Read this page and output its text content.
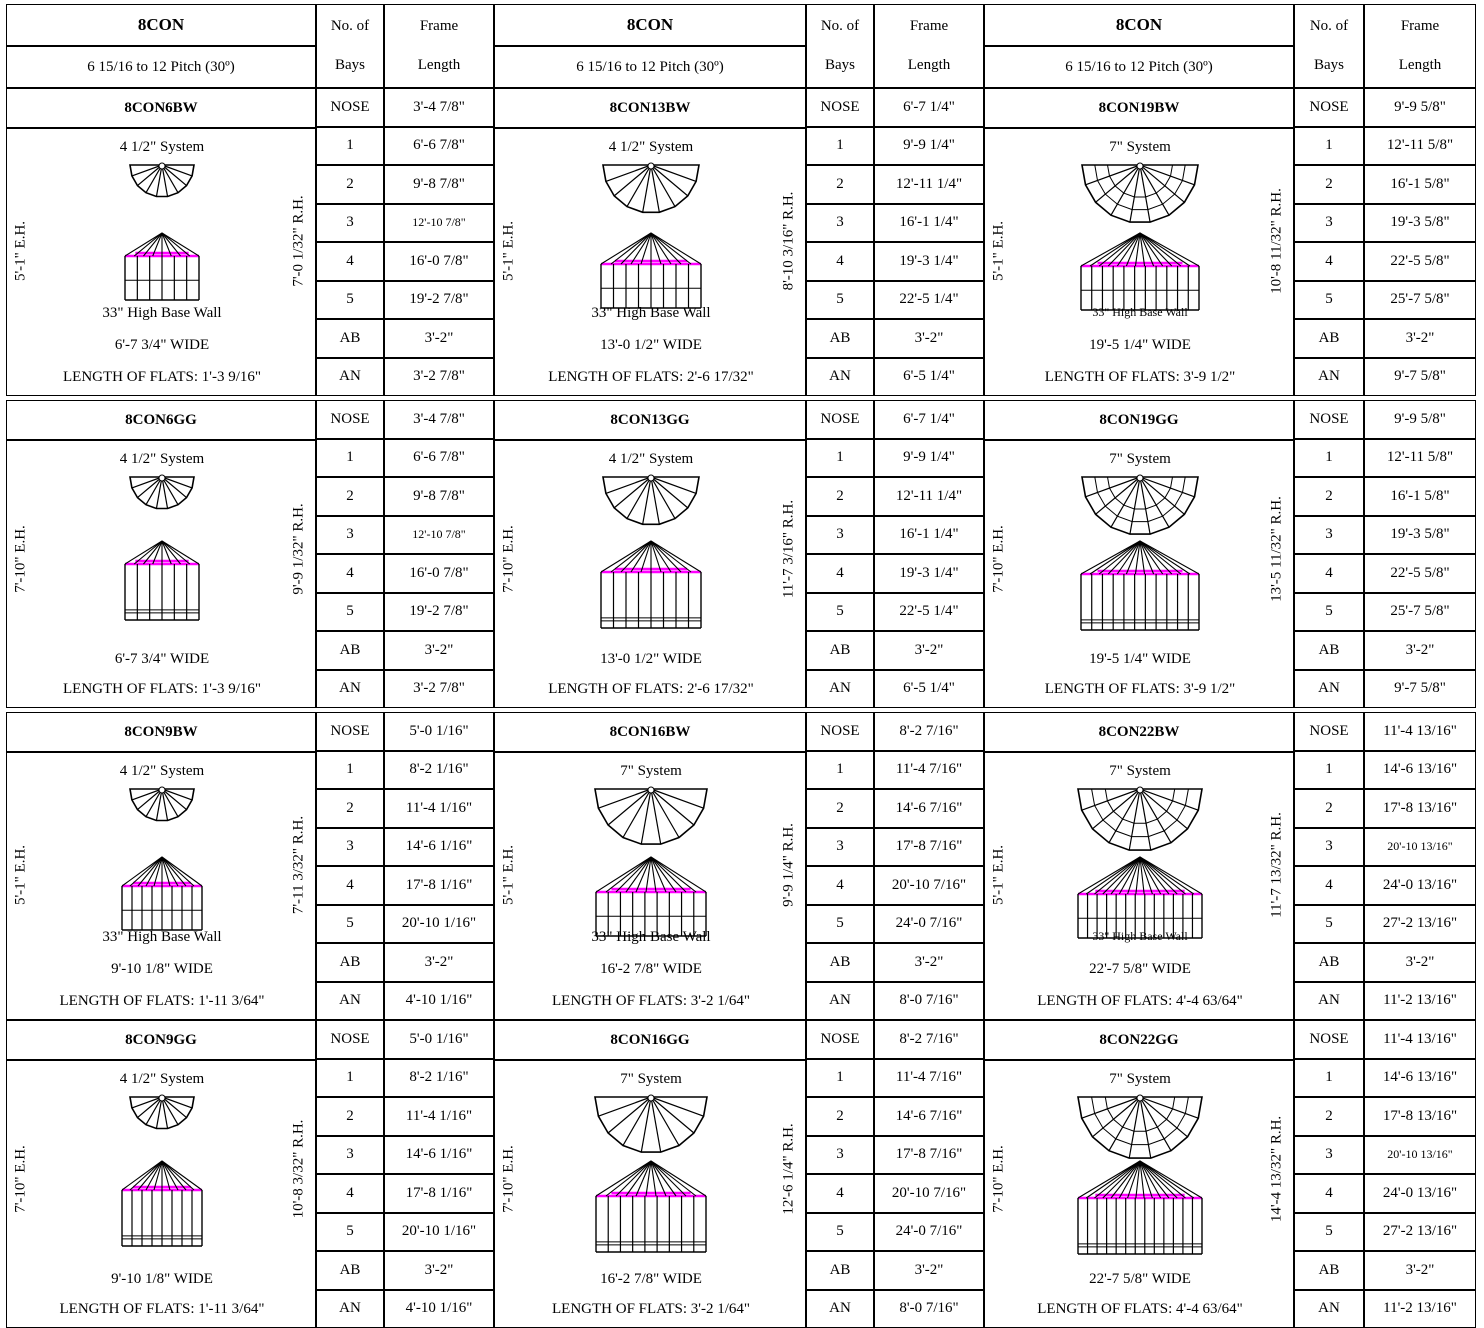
8CON
6 15/16 to 12 Pitch (30º)
No. of
Bays
Frame
Length
8CON6BW
4 1/2" System
5'-1" E.H.	7'-0 1/32" R.H.
33" High Base Wall
6'-7 3/4" WIDE
LENGTH OF FLATS: 1'-3 9/16"
NOSE	3'-4 7/8"
1	6'-6 7/8"
2	9'-8 7/8"
3	12'-10 7/8"
4	16'-0 7/8"
5	19'-2 7/8"
AB	3'-2"
AN	3'-2 7/8"
8CON6GG
4 1/2" System
7'-10" E.H.	9'-9 1/32" R.H.
6'-7 3/4" WIDE
LENGTH OF FLATS: 1'-3 9/16"
NOSE	3'-4 7/8"
1	6'-6 7/8"
2	9'-8 7/8"
3	12'-10 7/8"
4	16'-0 7/8"
5	19'-2 7/8"
AB	3'-2"
AN	3'-2 7/8"
8CON9BW
4 1/2" System
5'-1" E.H.	7'-11 3/32" R.H.
33" High Base Wall
9'-10 1/8" WIDE
LENGTH OF FLATS: 1'-11 3/64"
NOSE	5'-0 1/16"
1	8'-2 1/16"
2	11'-4 1/16"
3	14'-6 1/16"
4	17'-8 1/16"
5	20'-10 1/16"
AB	3'-2"
AN	4'-10 1/16"
8CON9GG
4 1/2" System
7'-10" E.H.	10'-8 3/32" R.H.
9'-10 1/8" WIDE
LENGTH OF FLATS: 1'-11 3/64"
NOSE	5'-0 1/16"
1	8'-2 1/16"
2	11'-4 1/16"
3	14'-6 1/16"
4	17'-8 1/16"
5	20'-10 1/16"
AB	3'-2"
AN	4'-10 1/16"
8CON
6 15/16 to 12 Pitch (30º)
No. of
Bays
Frame
Length
8CON13BW
4 1/2" System
5'-1" E.H.	8'-10 3/16" R.H.
33" High Base Wall
13'-0 1/2" WIDE
LENGTH OF FLATS: 2'-6 17/32"
NOSE	6'-7 1/4"
1	9'-9 1/4"
2	12'-11 1/4"
3	16'-1 1/4"
4	19'-3 1/4"
5	22'-5 1/4"
AB	3'-2"
AN	6'-5 1/4"
8CON13GG
4 1/2" System
7'-10" E.H.	11'-7 3/16" R.H.
13'-0 1/2" WIDE
LENGTH OF FLATS: 2'-6 17/32"
NOSE	6'-7 1/4"
1	9'-9 1/4"
2	12'-11 1/4"
3	16'-1 1/4"
4	19'-3 1/4"
5	22'-5 1/4"
AB	3'-2"
AN	6'-5 1/4"
8CON16BW
7" System
5'-1" E.H.	9'-9 1/4" R.H.
33" High Base Wall
16'-2 7/8" WIDE
LENGTH OF FLATS: 3'-2 1/64"
NOSE	8'-2 7/16"
1	11'-4 7/16"
2	14'-6 7/16"
3	17'-8 7/16"
4	20'-10 7/16"
5	24'-0 7/16"
AB	3'-2"
AN	8'-0 7/16"
8CON16GG
7" System
7'-10" E.H.	12'-6 1/4" R.H.
16'-2 7/8" WIDE
LENGTH OF FLATS: 3'-2 1/64"
NOSE	8'-2 7/16"
1	11'-4 7/16"
2	14'-6 7/16"
3	17'-8 7/16"
4	20'-10 7/16"
5	24'-0 7/16"
AB	3'-2"
AN	8'-0 7/16"
8CON
6 15/16 to 12 Pitch (30º)
No. of
Bays
Frame
Length
8CON19BW
7" System
5'-1" E.H.	10'-8 11/32" R.H.
33" High Base Wall
19'-5 1/4" WIDE
LENGTH OF FLATS: 3'-9 1/2"
NOSE	9'-9 5/8"
1	12'-11 5/8"
2	16'-1 5/8"
3	19'-3 5/8"
4	22'-5 5/8"
5	25'-7 5/8"
AB	3'-2"
AN	9'-7 5/8"
8CON19GG
7" System
7'-10" E.H.	13'-5 11/32" R.H.
19'-5 1/4" WIDE
LENGTH OF FLATS: 3'-9 1/2"
NOSE	9'-9 5/8"
1	12'-11 5/8"
2	16'-1 5/8"
3	19'-3 5/8"
4	22'-5 5/8"
5	25'-7 5/8"
AB	3'-2"
AN	9'-7 5/8"
8CON22BW
7" System
5'-1" E.H.	11'-7 13/32" R.H.
33" High Base Wall
22'-7 5/8" WIDE
LENGTH OF FLATS: 4'-4 63/64"
NOSE	11'-4 13/16"
1	14'-6 13/16"
2	17'-8 13/16"
3	20'-10 13/16"
4	24'-0 13/16"
5	27'-2 13/16"
AB	3'-2"
AN	11'-2 13/16"
8CON22GG
7" System
7'-10" E.H.	14'-4 13/32" R.H.
22'-7 5/8" WIDE
LENGTH OF FLATS: 4'-4 63/64"
NOSE	11'-4 13/16"
1	14'-6 13/16"
2	17'-8 13/16"
3	20'-10 13/16"
4	24'-0 13/16"
5	27'-2 13/16"
AB	3'-2"
AN	11'-2 13/16"
